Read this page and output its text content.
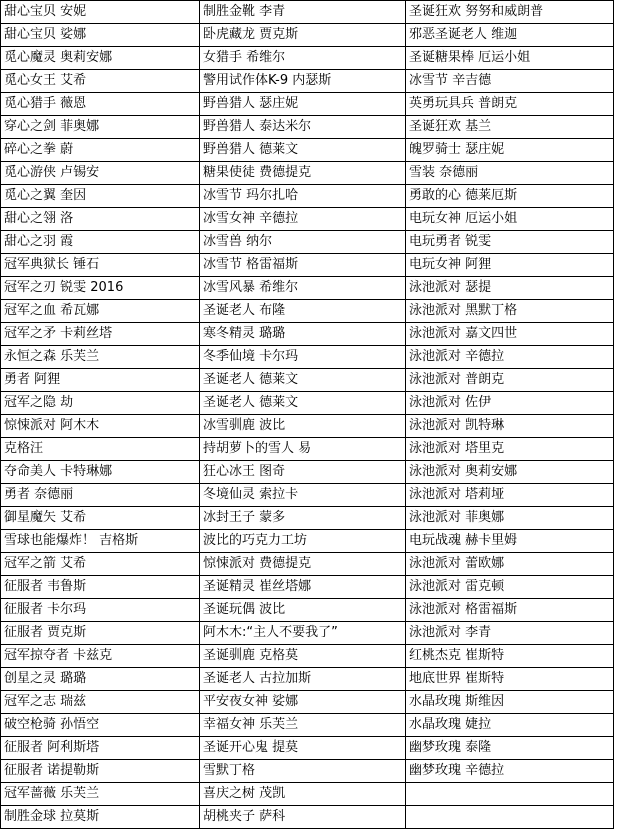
甜心宝贝 安妮	制胜金靴 李青	圣诞狂欢 努努和威朗普
甜心宝贝 娑娜	卧虎藏龙 贾克斯	邪恶圣诞老人 维迦
觅心魔灵 奥莉安娜	女猎手 希维尔	圣诞糖果棒 厄运小姐
觅心女王 艾希	警用试作体K-9 内瑟斯	冰雪节 辛吉德
觅心猎手 薇恩	野兽猎人 瑟庄妮	英勇玩具兵 普朗克
穿心之剑 菲奥娜	野兽猎人 泰达米尔	圣诞狂欢 基兰
碎心之拳 蔚	野兽猎人 德莱文	魄罗骑士 瑟庄妮
觅心游侠 卢锡安	糖果使徒 费德提克	雪装 奈德丽
觅心之翼 奎因	冰雪节 玛尔扎哈	勇敢的心 德莱厄斯
甜心之翎 洛	冰雪女神 辛德拉	电玩女神 厄运小姐
甜心之羽 霞	冰雪兽 纳尔	电玩勇者 锐雯
冠军典狱长 锤石	冰雪节 格雷福斯	电玩女神 阿狸
冠军之刃 锐雯 2016	冰雪风暴 希维尔	泳池派对 瑟提
冠军之血 希瓦娜	圣诞老人 布隆	泳池派对 黑默丁格
冠军之矛 卡莉丝塔	寒冬精灵 璐璐	泳池派对 嘉文四世
永恒之森 乐芙兰	冬季仙境 卡尔玛	泳池派对 辛德拉
勇者 阿狸	圣诞老人 德莱文	泳池派对 普朗克
冠军之隐 劫	圣诞老人 德莱文	泳池派对 佐伊
惊悚派对 阿木木	冰雪驯鹿 波比	泳池派对 凯特琳
克格汪	持胡萝卜的雪人 易	泳池派对 塔里克
夺命美人 卡特琳娜	狂心冰王 图奇	泳池派对 奥莉安娜
勇者 奈德丽	冬境仙灵 索拉卡	泳池派对 塔莉垭
御星魔矢 艾希	冰封王子 蒙多	泳池派对 菲奥娜
雪球也能爆炸！ 吉格斯	波比的巧克力工坊	电玩战魂 赫卡里姆
冠军之箭 艾希	惊悚派对 费德提克	泳池派对 蕾欧娜
征服者 韦鲁斯	圣诞精灵 崔丝塔娜	泳池派对 雷克顿
征服者 卡尔玛	圣诞玩偶 波比	泳池派对 格雷福斯
征服者 贾克斯	阿木木:“主人不要我了”	泳池派对 李青
冠军掠夺者 卡兹克	圣诞驯鹿 克格莫	红桃杰克 崔斯特
创星之灵 璐璐	圣诞老人 古拉加斯	地底世界 崔斯特
冠军之志 瑞兹	平安夜女神 娑娜	水晶玫瑰 斯维因
破空枪骑 孙悟空	幸福女神 乐芙兰	水晶玫瑰 婕拉
征服者 阿利斯塔	圣诞开心鬼 提莫	幽梦玫瑰 泰隆
征服者 诺提勒斯	雪默丁格	幽梦玫瑰 辛德拉
冠军蔷薇 乐芙兰	喜庆之树 茂凯	
制胜金球 拉莫斯	胡桃夹子 萨科	
